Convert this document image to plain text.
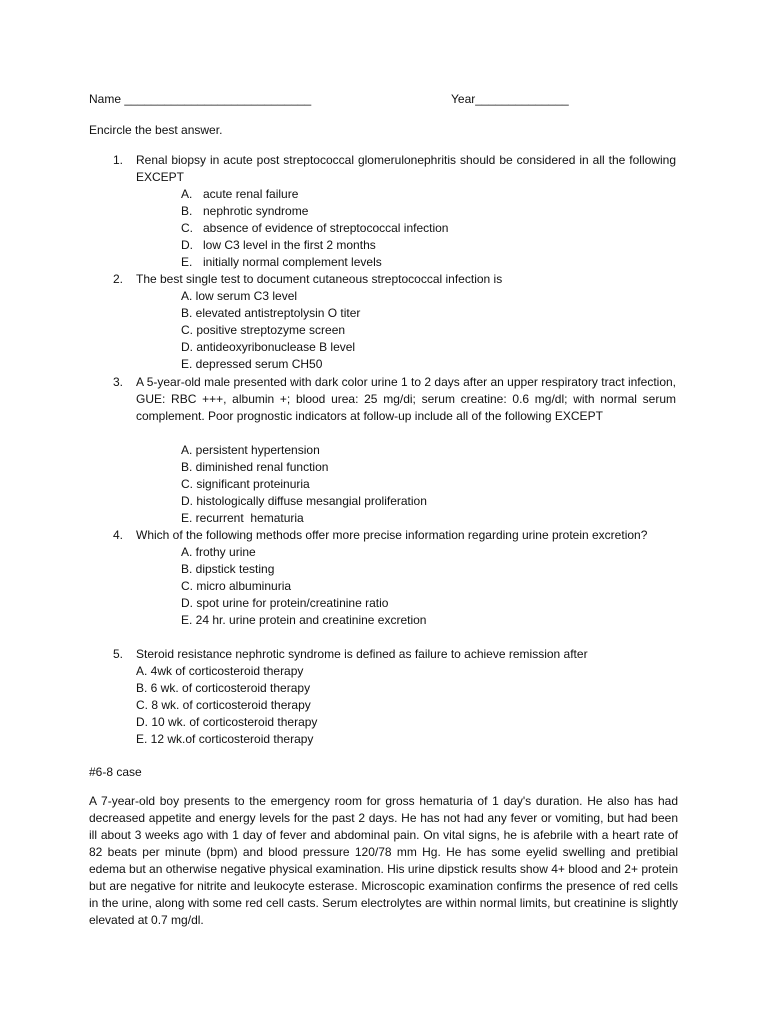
Name ____________________________	Year______________
Encircle the best answer.
1.	Renal biopsy in acute post streptococcal glomerulonephritis should be considered in all the following EXCEPT
A. acute renal failure
B. nephrotic syndrome
C. absence of evidence of streptococcal infection
D. low C3 level in the first 2 months
E. initially normal complement levels
2.	The best single test to document cutaneous streptococcal infection is
A. low serum C3 level
B. elevated antistreptolysin O titer
C. positive streptozyme screen
D. antideoxyribonuclease B level
E. depressed serum CH50
3.	A 5-year-old male presented with dark color urine 1 to 2 days after an upper respiratory tract infection, GUE: RBC +++, albumin +; blood urea: 25 mg/di; serum creatine: 0.6 mg/dl; with normal serum complement. Poor prognostic indicators at follow-up include all of the following EXCEPT
A. persistent hypertension
B. diminished renal function
C. significant proteinuria
D. histologically diffuse mesangial proliferation
E. recurrent  hematuria
4.	Which of the following methods offer more precise information regarding urine protein excretion?
A. frothy urine
B. dipstick testing
C. micro albuminuria
D. spot urine for protein/creatinine ratio
E. 24 hr. urine protein and creatinine excretion
5.	Steroid resistance nephrotic syndrome is defined as failure to achieve remission after
A. 4wk of corticosteroid therapy
B. 6 wk. of corticosteroid therapy
C. 8 wk. of corticosteroid therapy
D. 10 wk. of corticosteroid therapy
E. 12 wk.of corticosteroid therapy
#6-8 case
A 7-year-old boy presents to the emergency room for gross hematuria of 1 day's duration. He also has had decreased appetite and energy levels for the past 2 days. He has not had any fever or vomiting, but had been ill about 3 weeks ago with 1 day of fever and abdominal pain. On vital signs, he is afebrile with a heart rate of 82 beats per minute (bpm) and blood pressure 120/78 mm Hg. He has some eyelid swelling and pretibial edema but an otherwise negative physical examination. His urine dipstick results show 4+ blood and 2+ protein but are negative for nitrite and leukocyte esterase. Microscopic examination confirms the presence of red cells in the urine, along with some red cell casts. Serum electrolytes are within normal limits, but creatinine is slightly elevated at 0.7 mg/dl.
